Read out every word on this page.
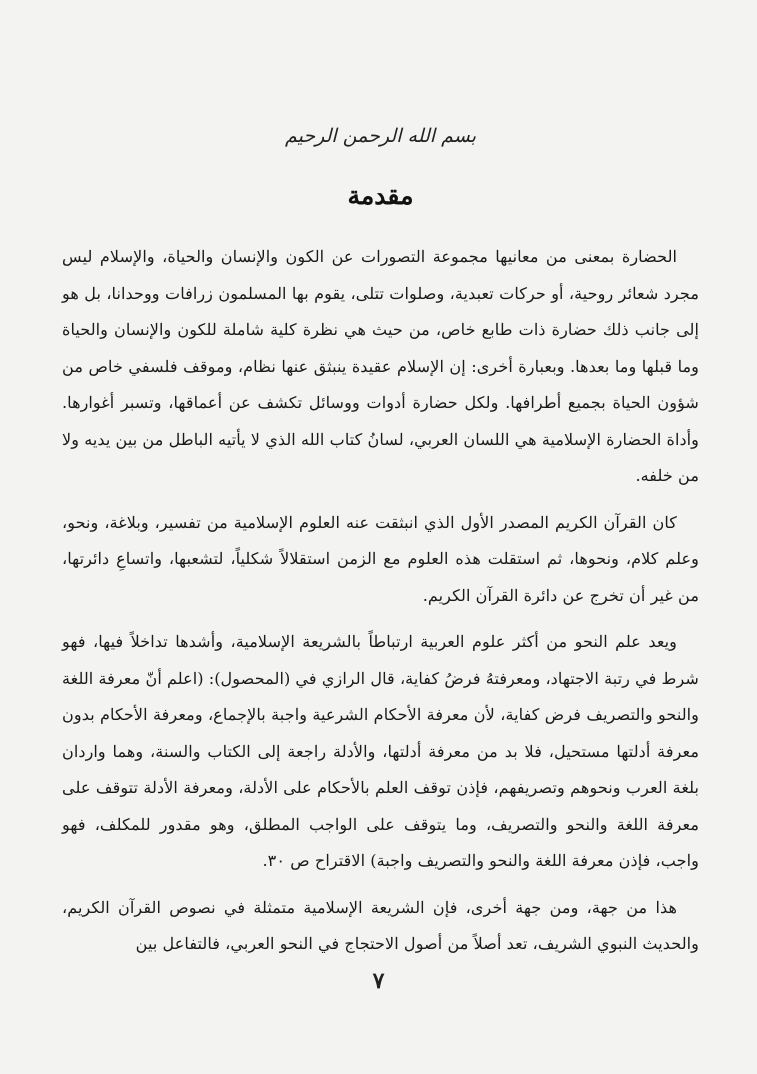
بسم الله الرحمن الرحيم
مقدمة

الحضارة بمعنى من معانيها مجموعة التصورات عن الكون والإنسان والحياة، والإسلام ليس مجرد شعائر روحية، أو حركات تعبدية، وصلوات تتلى، يقوم بها المسلمون زرافات ووحدانا، بل هو إلى جانب ذلك حضارة ذات طابع خاص، من حيث هي نظرة كلية شاملة للكون والإنسان والحياة وما قبلها وما بعدها. وبعبارة أخرى: إن الإسلام عقيدة ينبثق عنها نظام، وموقف فلسفي خاص من شؤون الحياة بجميع أطرافها. ولكل حضارة أدوات ووسائل تكشف عن أعماقها، وتسبر أغوارها. وأداة الحضارة الإسلامية هي اللسان العربي، لسانُ كتاب الله الذي لا يأتيه الباطل من بين يديه ولا من خلفه.

كان القرآن الكريم المصدر الأول الذي انبثقت عنه العلوم الإسلامية من تفسير، وبلاغة، ونحو، وعلم كلام، ونحوها، ثم استقلت هذه العلوم مع الزمن استقلالاً شكلياً، لتشعبها، واتساعِ دائرتها، من غير أن تخرج عن دائرة القرآن الكريم.

ويعد علم النحو من أكثر علوم العربية ارتباطاً بالشريعة الإسلامية، وأشدها تداخلاً فيها، فهو شرط في رتبة الاجتهاد، ومعرفتهُ فرضُ كفاية، قال الرازي في (المحصول): (اعلم أنّ معرفة اللغة والنحو والتصريف فرض كفاية، لأن معرفة الأحكام الشرعية واجبة بالإجماع، ومعرفة الأحكام بدون معرفة أدلتها مستحيل، فلا بد من معرفة أدلتها، والأدلة راجعة إلى الكتاب والسنة، وهما واردان بلغة العرب ونحوهم وتصريفهم، فإذن توقف العلم بالأحكام على الأدلة، ومعرفة الأدلة تتوقف على معرفة اللغة والنحو والتصريف، وما يتوقف على الواجب المطلق، وهو مقدور للمكلف، فهو واجب، فإذن معرفة اللغة والنحو والتصريف واجبة) الاقتراح ص ٣٠.

هذا من جهة، ومن جهة أخرى، فإن الشريعة الإسلامية متمثلة في نصوص القرآن الكريم، والحديث النبوي الشريف، تعد أصلاً من أصول الاحتجاج في النحو العربي، فالتفاعل بين

٧
